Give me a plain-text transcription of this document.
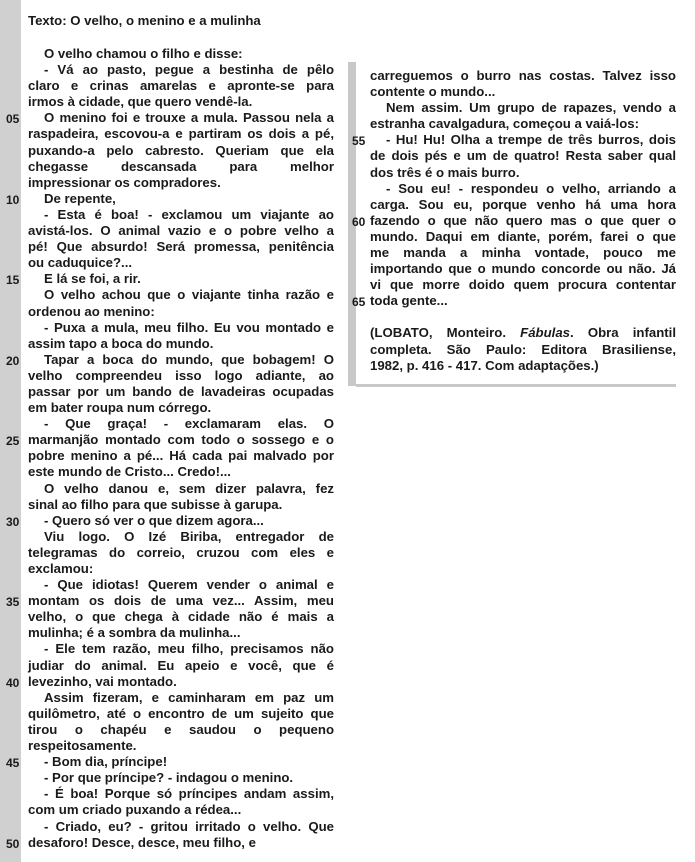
Texto: O velho, o menino e a mulinha
O velho chamou o filho e disse:
- Vá ao pasto, pegue a bestinha de pêlo
claro e crinas amarelas e apronte-se para
irmos à cidade, que quero vendê-la.
O menino foi e trouxe a mula. Passou nela a
raspadeira, escovou-a e partiram os dois a pé,
puxando-a pelo cabresto. Queriam que ela
chegasse descansada para melhor
impressionar os compradores.
De repente,
- Esta é boa! - exclamou um viajante ao
avistá-los. O animal vazio e o pobre velho a
pé! Que absurdo! Será promessa, penitência
ou caduquice?...
E lá se foi, a rir.
O velho achou que o viajante tinha razão e
ordenou ao menino:
- Puxa a mula, meu filho. Eu vou montado e
assim tapo a boca do mundo.
Tapar a boca do mundo, que bobagem! O
velho compreendeu isso logo adiante, ao
passar por um bando de lavadeiras ocupadas
em bater roupa num córrego.
- Que graça! - exclamaram elas. O
marmanjão montado com todo o sossego e o
pobre menino a pé... Há cada pai malvado por
este mundo de Cristo... Credo!...
O velho danou e, sem dizer palavra, fez
sinal ao filho para que subisse à garupa.
- Quero só ver o que dizem agora...
Viu logo. O Izé Biriba, entregador de
telegramas do correio, cruzou com eles e
exclamou:
- Que idiotas! Querem vender o animal e
montam os dois de uma vez... Assim, meu
velho, o que chega à cidade não é mais a
mulinha; é a sombra da mulinha...
- Ele tem razão, meu filho, precisamos não
judiar do animal. Eu apeio e você, que é
levezinho, vai montado.
Assim fizeram, e caminharam em paz um
quilômetro, até o encontro de um sujeito que
tirou o chapéu e saudou o pequeno
respeitosamente.
- Bom dia, príncipe!
- Por que príncipe? - indagou o menino.
- É boa! Porque só príncipes andam assim,
com um criado puxando a rédea...
- Criado, eu? - gritou irritado o velho. Que
desaforo! Desce, desce, meu filho, e
carreguemos o burro nas costas. Talvez isso
contente o mundo...
Nem assim. Um grupo de rapazes, vendo a
estranha cavalgadura, começou a vaiá-los:
- Hu! Hu! Olha a trempe de três burros, dois
de dois pés e um de quatro! Resta saber qual
dos três é o mais burro.
- Sou eu! - respondeu o velho, arriando a
carga. Sou eu, porque venho há uma hora
fazendo o que não quero mas o que quer o
mundo. Daqui em diante, porém, farei o que
me manda a minha vontade, pouco me
importando que o mundo concorde ou não. Já
vi que morre doido quem procura contentar
toda gente...
(LOBATO, Monteiro. Fábulas. Obra infantil
completa. São Paulo: Editora Brasiliense,
1982, p. 416 - 417. Com adaptações.)
05
10
15
20
25
30
35
40
45
50
55
60
65
